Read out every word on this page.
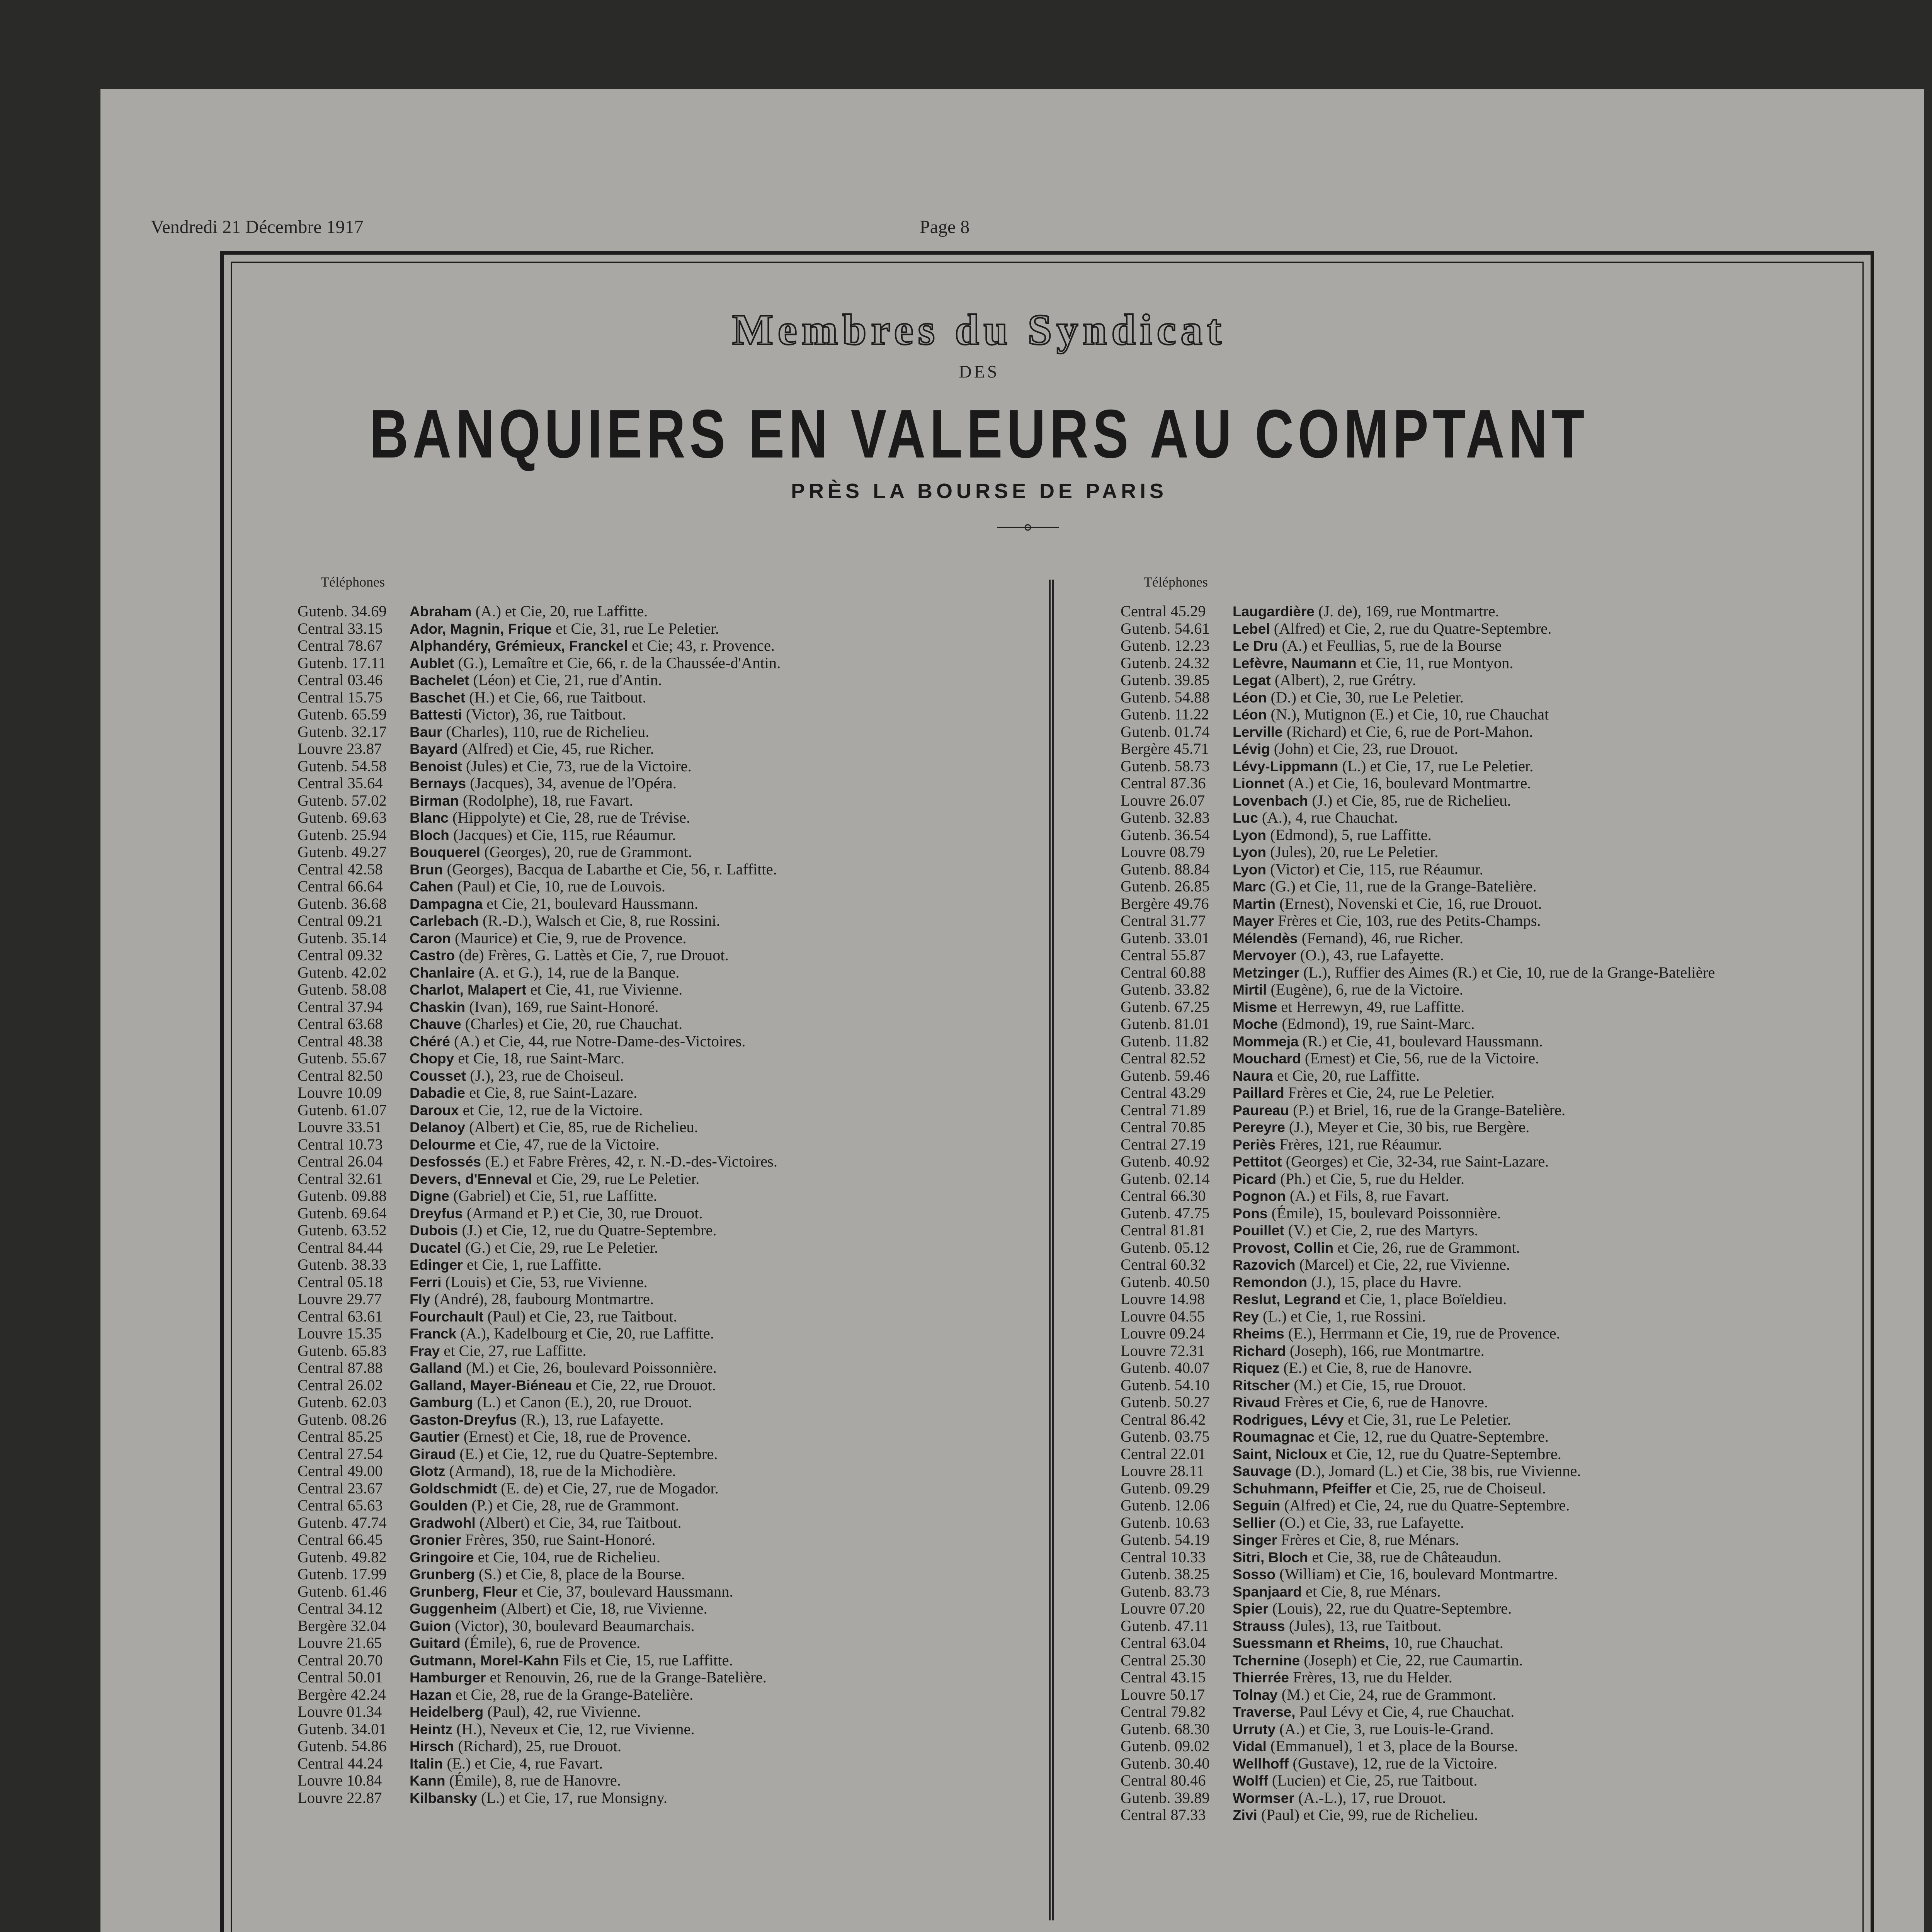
Vendredi 21 Décembre 1917	Page 8
Membres du Syndicat
DES
BANQUIERS EN VALEURS AU COMPTANT
PRÈS LA BOURSE DE PARIS
Téléphones	Téléphones
Gutenb. 34.69 Abraham (A.) et Cie, 20, rue Laffitte.
Central 33.15 Ador, Magnin, Frique et Cie, 31, rue Le Peletier.
Central 78.67 Alphandéry, Grémieux, Franckel et Cie; 43, r. Provence.
Gutenb. 17.11 Aublet (G.), Lemaître et Cie, 66, r. de la Chaussée-d'Antin.
Central 03.46 Bachelet (Léon) et Cie, 21, rue d'Antin.
Central 15.75 Baschet (H.) et Cie, 66, rue Taitbout.
Gutenb. 65.59 Battesti (Victor), 36, rue Taitbout.
Gutenb. 32.17 Baur (Charles), 110, rue de Richelieu.
Louvre 23.87 Bayard (Alfred) et Cie, 45, rue Richer.
Gutenb. 54.58 Benoist (Jules) et Cie, 73, rue de la Victoire.
Central 35.64 Bernays (Jacques), 34, avenue de l'Opéra.
Gutenb. 57.02 Birman (Rodolphe), 18, rue Favart.
Gutenb. 69.63 Blanc (Hippolyte) et Cie, 28, rue de Trévise.
Gutenb. 25.94 Bloch (Jacques) et Cie, 115, rue Réaumur.
Gutenb. 49.27 Bouquerel (Georges), 20, rue de Grammont.
Central 42.58 Brun (Georges), Bacqua de Labarthe et Cie, 56, r. Laffitte.
Central 66.64 Cahen (Paul) et Cie, 10, rue de Louvois.
Gutenb. 36.68 Dampagna et Cie, 21, boulevard Haussmann.
Central 09.21 Carlebach (R.-D.), Walsch et Cie, 8, rue Rossini.
Gutenb. 35.14 Caron (Maurice) et Cie, 9, rue de Provence.
Central 09.32 Castro (de) Frères, G. Lattès et Cie, 7, rue Drouot.
Gutenb. 42.02 Chanlaire (A. et G.), 14, rue de la Banque.
Gutenb. 58.08 Charlot, Malapert et Cie, 41, rue Vivienne.
Central 37.94 Chaskin (Ivan), 169, rue Saint-Honoré.
Central 63.68 Chauve (Charles) et Cie, 20, rue Chauchat.
Central 48.38 Chéré (A.) et Cie, 44, rue Notre-Dame-des-Victoires.
Gutenb. 55.67 Chopy et Cie, 18, rue Saint-Marc.
Central 82.50 Cousset (J.), 23, rue de Choiseul.
Louvre 10.09 Dabadie et Cie, 8, rue Saint-Lazare.
Gutenb. 61.07 Daroux et Cie, 12, rue de la Victoire.
Louvre 33.51 Delanoy (Albert) et Cie, 85, rue de Richelieu.
Central 10.73 Delourme et Cie, 47, rue de la Victoire.
Central 26.04 Desfossés (E.) et Fabre Frères, 42, r. N.-D.-des-Victoires.
Central 32.61 Devers, d'Enneval et Cie, 29, rue Le Peletier.
Gutenb. 09.88 Digne (Gabriel) et Cie, 51, rue Laffitte.
Gutenb. 69.64 Dreyfus (Armand et P.) et Cie, 30, rue Drouot.
Gutenb. 63.52 Dubois (J.) et Cie, 12, rue du Quatre-Septembre.
Central 84.44 Ducatel (G.) et Cie, 29, rue Le Peletier.
Gutenb. 38.33 Edinger et Cie, 1, rue Laffitte.
Central 05.18 Ferri (Louis) et Cie, 53, rue Vivienne.
Louvre 29.77 Fly (André), 28, faubourg Montmartre.
Central 63.61 Fourchault (Paul) et Cie, 23, rue Taitbout.
Louvre 15.35 Franck (A.), Kadelbourg et Cie, 20, rue Laffitte.
Gutenb. 65.83 Fray et Cie, 27, rue Laffitte.
Central 87.88 Galland (M.) et Cie, 26, boulevard Poissonnière.
Central 26.02 Galland, Mayer-Biéneau et Cie, 22, rue Drouot.
Gutenb. 62.03 Gamburg (L.) et Canon (E.), 20, rue Drouot.
Gutenb. 08.26 Gaston-Dreyfus (R.), 13, rue Lafayette.
Central 85.25 Gautier (Ernest) et Cie, 18, rue de Provence.
Central 27.54 Giraud (E.) et Cie, 12, rue du Quatre-Septembre.
Central 49.00 Glotz (Armand), 18, rue de la Michodière.
Central 23.67 Goldschmidt (E. de) et Cie, 27, rue de Mogador.
Central 65.63 Goulden (P.) et Cie, 28, rue de Grammont.
Gutenb. 47.74 Gradwohl (Albert) et Cie, 34, rue Taitbout.
Central 66.45 Gronier Frères, 350, rue Saint-Honoré.
Gutenb. 49.82 Gringoire et Cie, 104, rue de Richelieu.
Gutenb. 17.99 Grunberg (S.) et Cie, 8, place de la Bourse.
Gutenb. 61.46 Grunberg, Fleur et Cie, 37, boulevard Haussmann.
Central 34.12 Guggenheim (Albert) et Cie, 18, rue Vivienne.
Bergère 32.04 Guion (Victor), 30, boulevard Beaumarchais.
Louvre 21.65 Guitard (Émile), 6, rue de Provence.
Central 20.70 Gutmann, Morel-Kahn Fils et Cie, 15, rue Laffitte.
Central 50.01 Hamburger et Renouvin, 26, rue de la Grange-Batelière.
Bergère 42.24 Hazan et Cie, 28, rue de la Grange-Batelière.
Louvre 01.34 Heidelberg (Paul), 42, rue Vivienne.
Gutenb. 34.01 Heintz (H.), Neveux et Cie, 12, rue Vivienne.
Gutenb. 54.86 Hirsch (Richard), 25, rue Drouot.
Central 44.24 Italin (E.) et Cie, 4, rue Favart.
Louvre 10.84 Kann (Émile), 8, rue de Hanovre.
Louvre 22.87 Kilbansky (L.) et Cie, 17, rue Monsigny.
Central 45.29 Laugardière (J. de), 169, rue Montmartre.
Gutenb. 54.61 Lebel (Alfred) et Cie, 2, rue du Quatre-Septembre.
Gutenb. 12.23 Le Dru (A.) et Feullias, 5, rue de la Bourse
Gutenb. 24.32 Lefèvre, Naumann et Cie, 11, rue Montyon.
Gutenb. 39.85 Legat (Albert), 2, rue Grétry.
Gutenb. 54.88 Léon (D.) et Cie, 30, rue Le Peletier.
Gutenb. 11.22 Léon (N.), Mutignon (E.) et Cie, 10, rue Chauchat
Gutenb. 01.74 Lerville (Richard) et Cie, 6, rue de Port-Mahon.
Bergère 45.71 Lévig (John) et Cie, 23, rue Drouot.
Gutenb. 58.73 Lévy-Lippmann (L.) et Cie, 17, rue Le Peletier.
Central 87.36 Lionnet (A.) et Cie, 16, boulevard Montmartre.
Louvre 26.07 Lovenbach (J.) et Cie, 85, rue de Richelieu.
Gutenb. 32.83 Luc (A.), 4, rue Chauchat.
Gutenb. 36.54 Lyon (Edmond), 5, rue Laffitte.
Louvre 08.79 Lyon (Jules), 20, rue Le Peletier.
Gutenb. 88.84 Lyon (Victor) et Cie, 115, rue Réaumur.
Gutenb. 26.85 Marc (G.) et Cie, 11, rue de la Grange-Batelière.
Bergère 49.76 Martin (Ernest), Novenski et Cie, 16, rue Drouot.
Central 31.77 Mayer Frères et Cie, 103, rue des Petits-Champs.
Gutenb. 33.01 Mélendès (Fernand), 46, rue Richer.
Central 55.87 Mervoyer (O.), 43, rue Lafayette.
Central 60.88 Metzinger (L.), Ruffier des Aimes (R.) et Cie, 10, rue de la Grange-Batelière
Gutenb. 33.82 Mirtil (Eugène), 6, rue de la Victoire.
Gutenb. 67.25 Misme et Herrewyn, 49, rue Laffitte.
Gutenb. 81.01 Moche (Edmond), 19, rue Saint-Marc.
Gutenb. 11.82 Mommeja (R.) et Cie, 41, boulevard Haussmann.
Central 82.52 Mouchard (Ernest) et Cie, 56, rue de la Victoire.
Gutenb. 59.46 Naura et Cie, 20, rue Laffitte.
Central 43.29 Paillard Frères et Cie, 24, rue Le Peletier.
Central 71.89 Paureau (P.) et Briel, 16, rue de la Grange-Batelière.
Central 70.85 Pereyre (J.), Meyer et Cie, 30 bis, rue Bergère.
Central 27.19 Periès Frères, 121, rue Réaumur.
Gutenb. 40.92 Pettitot (Georges) et Cie, 32-34, rue Saint-Lazare.
Gutenb. 02.14 Picard (Ph.) et Cie, 5, rue du Helder.
Central 66.30 Pognon (A.) et Fils, 8, rue Favart.
Gutenb. 47.75 Pons (Émile), 15, boulevard Poissonnière.
Central 81.81 Pouillet (V.) et Cie, 2, rue des Martyrs.
Gutenb. 05.12 Provost, Collin et Cie, 26, rue de Grammont.
Central 60.32 Razovich (Marcel) et Cie, 22, rue Vivienne.
Gutenb. 40.50 Remondon (J.), 15, place du Havre.
Louvre 14.98 Reslut, Legrand et Cie, 1, place Boïeldieu.
Louvre 04.55 Rey (L.) et Cie, 1, rue Rossini.
Louvre 09.24 Rheims (E.), Herrmann et Cie, 19, rue de Provence.
Louvre 72.31 Richard (Joseph), 166, rue Montmartre.
Gutenb. 40.07 Riquez (E.) et Cie, 8, rue de Hanovre.
Gutenb. 54.10 Ritscher (M.) et Cie, 15, rue Drouot.
Gutenb. 50.27 Rivaud Frères et Cie, 6, rue de Hanovre.
Central 86.42 Rodrigues, Lévy et Cie, 31, rue Le Peletier.
Gutenb. 03.75 Roumagnac et Cie, 12, rue du Quatre-Septembre.
Central 22.01 Saint, Nicloux et Cie, 12, rue du Quatre-Septembre.
Louvre 28.11 Sauvage (D.), Jomard (L.) et Cie, 38 bis, rue Vivienne.
Gutenb. 09.29 Schuhmann, Pfeiffer et Cie, 25, rue de Choiseul.
Gutenb. 12.06 Seguin (Alfred) et Cie, 24, rue du Quatre-Septembre.
Gutenb. 10.63 Sellier (O.) et Cie, 33, rue Lafayette.
Gutenb. 54.19 Singer Frères et Cie, 8, rue Ménars.
Central 10.33 Sitri, Bloch et Cie, 38, rue de Châteaudun.
Gutenb. 38.25 Sosso (William) et Cie, 16, boulevard Montmartre.
Gutenb. 83.73 Spanjaard et Cie, 8, rue Ménars.
Louvre 07.20 Spier (Louis), 22, rue du Quatre-Septembre.
Gutenb. 47.11 Strauss (Jules), 13, rue Taitbout.
Central 63.04 Suessmann et Rheims, 10, rue Chauchat.
Central 25.30 Tchernine (Joseph) et Cie, 22, rue Caumartin.
Central 43.15 Thierrée Frères, 13, rue du Helder.
Louvre 50.17 Tolnay (M.) et Cie, 24, rue de Grammont.
Central 79.82 Traverse, Paul Lévy et Cie, 4, rue Chauchat.
Gutenb. 68.30 Urruty (A.) et Cie, 3, rue Louis-le-Grand.
Gutenb. 09.02 Vidal (Emmanuel), 1 et 3, place de la Bourse.
Gutenb. 30.40 Wellhoff (Gustave), 12, rue de la Victoire.
Central 80.46 Wolff (Lucien) et Cie, 25, rue Taitbout.
Gutenb. 39.89 Wormser (A.-L.), 17, rue Drouot.
Central 87.33 Zivi (Paul) et Cie, 99, rue de Richelieu.
